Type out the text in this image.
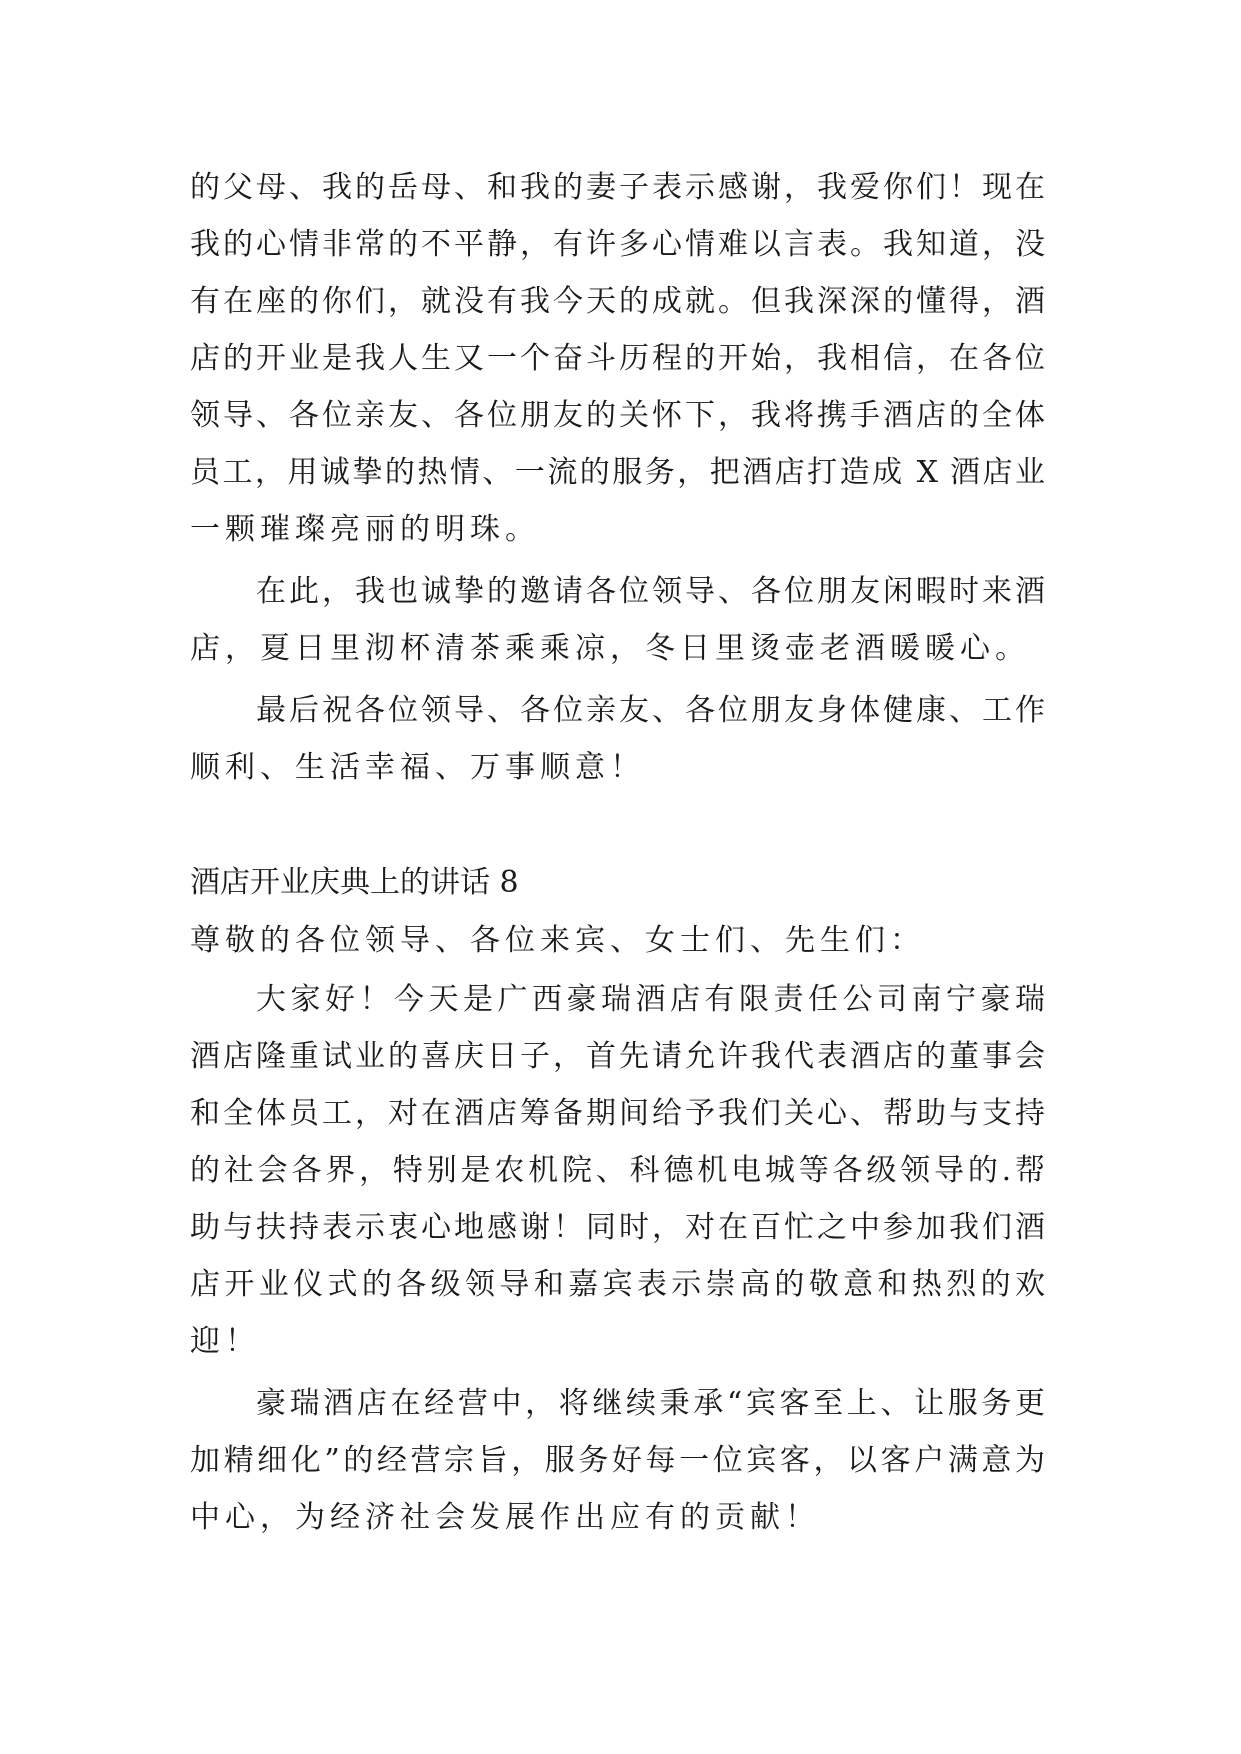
的父母、我的岳母、和我的妻子表示感谢，我爱你们！现在
我的心情非常的不平静，有许多心情难以言表。我知道，没
有在座的你们，就没有我今天的成就。但我深深的懂得，酒
店的开业是我人生又一个奋斗历程的开始，我相信，在各位
领导、各位亲友、各位朋友的关怀下，我将携手酒店的全体
员工，用诚挚的热情、一流的服务，把酒店打造成 X 酒店业
一颗璀璨亮丽的明珠。
在此，我也诚挚的邀请各位领导、各位朋友闲暇时来酒
店，夏日里沏杯清茶乘乘凉，冬日里烫壶老酒暖暖心。
最后祝各位领导、各位亲友、各位朋友身体健康、工作
顺利、生活幸福、万事顺意！
酒店开业庆典上的讲话 8
尊敬的各位领导、各位来宾、女士们、先生们：
大家好！今天是广西豪瑞酒店有限责任公司南宁豪瑞
酒店隆重试业的喜庆日子，首先请允许我代表酒店的董事会
和全体员工，对在酒店筹备期间给予我们关心、帮助与支持
的社会各界，特别是农机院、科德机电城等各级领导的.帮
助与扶持表示衷心地感谢！同时，对在百忙之中参加我们酒
店开业仪式的各级领导和嘉宾表示崇高的敬意和热烈的欢
迎！
豪瑞酒店在经营中，将继续秉承“宾客至上、让服务更
加精细化”的经营宗旨，服务好每一位宾客，以客户满意为
中心，为经济社会发展作出应有的贡献！
